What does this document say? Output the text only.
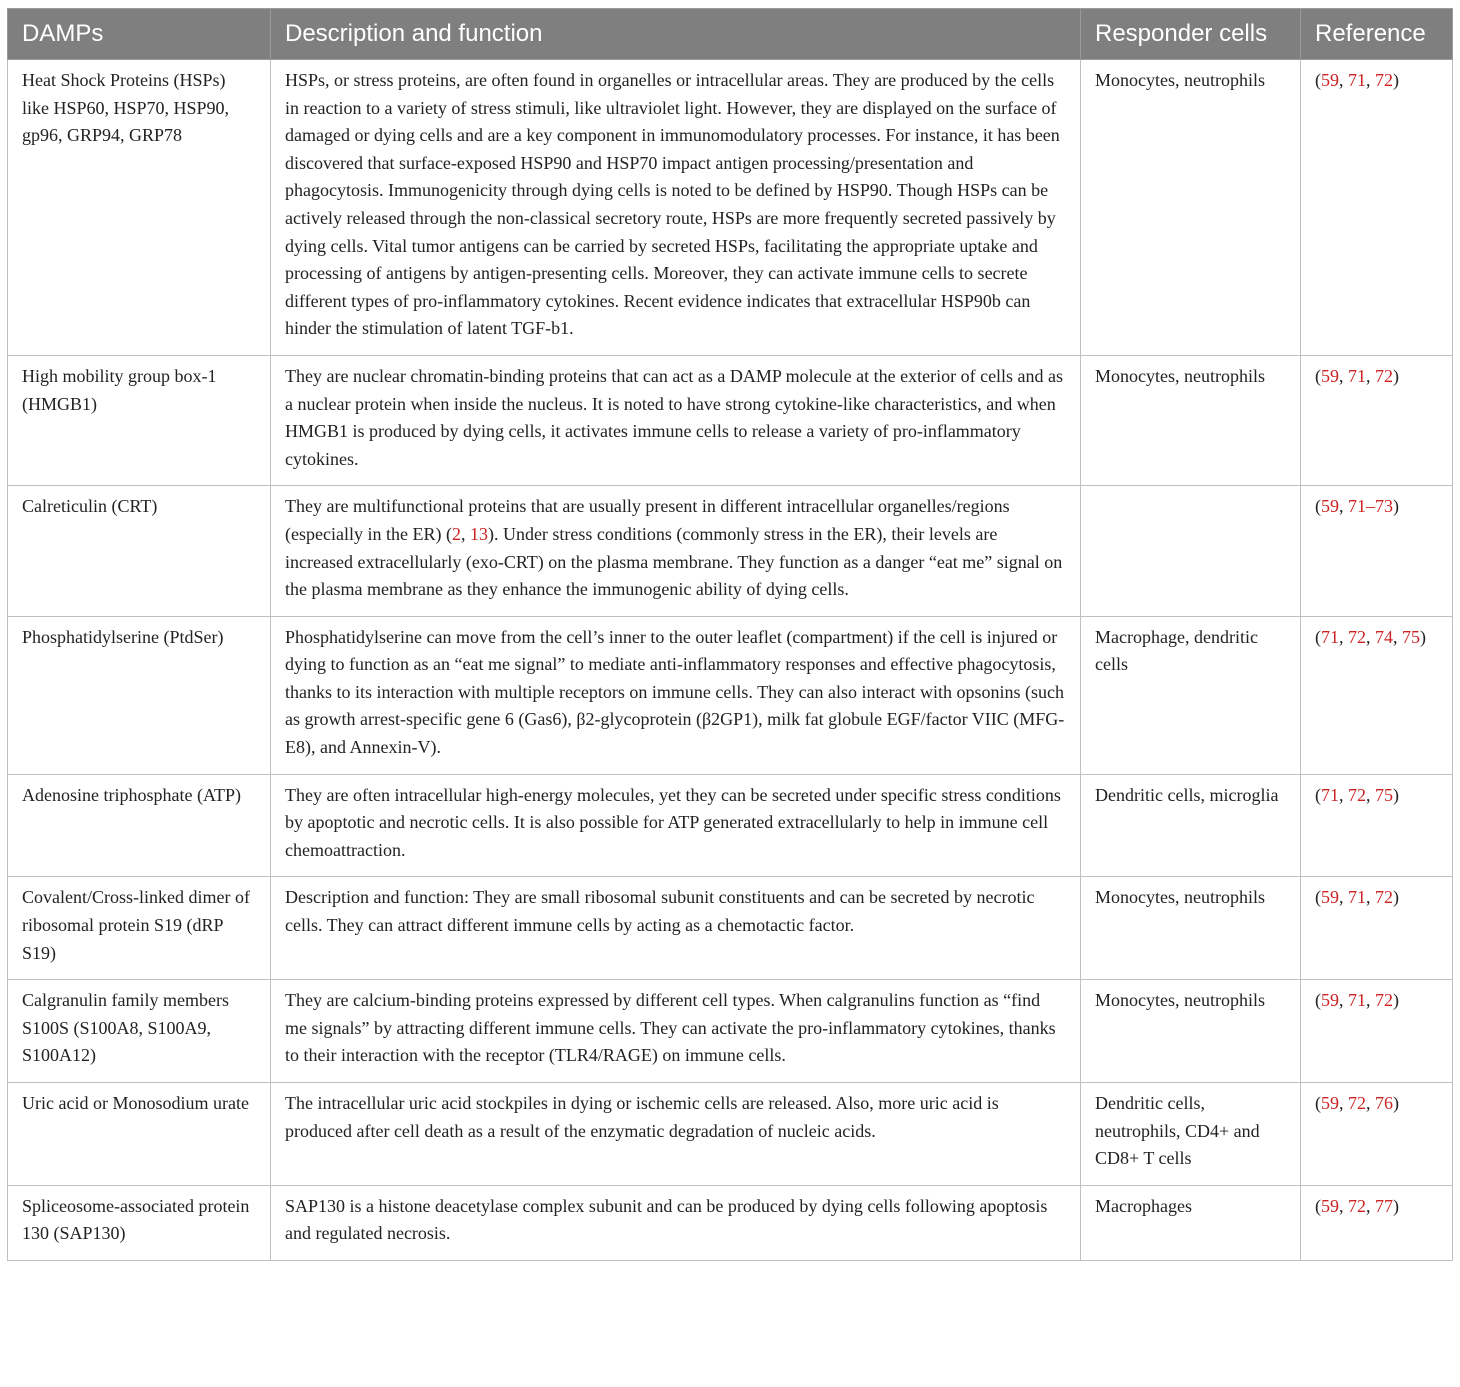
DAMPs	Description and function	Responder cells	Reference
Heat Shock Proteins (HSPs) like HSP60, HSP70, HSP90, gp96, GRP94, GRP78	HSPs, or stress proteins, are often found in organelles or intracellular areas. They are produced by the cells in reaction to a variety of stress stimuli, like ultraviolet light. However, they are displayed on the surface of damaged or dying cells and are a key component in immunomodulatory processes. For instance, it has been discovered that surface-exposed HSP90 and HSP70 impact antigen processing/presentation and phagocytosis. Immunogenicity through dying cells is noted to be defined by HSP90. Though HSPs can be actively released through the non-classical secretory route, HSPs are more frequently secreted passively by dying cells. Vital tumor antigens can be carried by secreted HSPs, facilitating the appropriate uptake and processing of antigens by antigen-presenting cells. Moreover, they can activate immune cells to secrete different types of pro-inflammatory cytokines. Recent evidence indicates that extracellular HSP90b can hinder the stimulation of latent TGF-b1.	Monocytes, neutrophils	(59, 71, 72)
High mobility group box-1 (HMGB1)	They are nuclear chromatin-binding proteins that can act as a DAMP molecule at the exterior of cells and as a nuclear protein when inside the nucleus. It is noted to have strong cytokine-like characteristics, and when HMGB1 is produced by dying cells, it activates immune cells to release a variety of pro-inflammatory cytokines.	Monocytes, neutrophils	(59, 71, 72)
Calreticulin (CRT)	They are multifunctional proteins that are usually present in different intracellular organelles/regions (especially in the ER) (2, 13). Under stress conditions (commonly stress in the ER), their levels are increased extracellularly (exo-CRT) on the plasma membrane. They function as a danger “eat me” signal on the plasma membrane as they enhance the immunogenic ability of dying cells.		(59, 71–73)
Phosphatidylserine (PtdSer)	Phosphatidylserine can move from the cell’s inner to the outer leaflet (compartment) if the cell is injured or dying to function as an “eat me signal” to mediate anti-inflammatory responses and effective phagocytosis, thanks to its interaction with multiple receptors on immune cells. They can also interact with opsonins (such as growth arrest-specific gene 6 (Gas6), β2-glycoprotein (β2GP1), milk fat globule EGF/factor VIIC (MFG-E8), and Annexin-V).	Macrophage, dendritic cells	(71, 72, 74, 75)
Adenosine triphosphate (ATP)	They are often intracellular high-energy molecules, yet they can be secreted under specific stress conditions by apoptotic and necrotic cells. It is also possible for ATP generated extracellularly to help in immune cell chemoattraction.	Dendritic cells, microglia	(71, 72, 75)
Covalent/Cross-linked dimer of ribosomal protein S19 (dRP S19)	Description and function: They are small ribosomal subunit constituents and can be secreted by necrotic cells. They can attract different immune cells by acting as a chemotactic factor.	Monocytes, neutrophils	(59, 71, 72)
Calgranulin family members S100S (S100A8, S100A9, S100A12)	They are calcium-binding proteins expressed by different cell types. When calgranulins function as “find me signals” by attracting different immune cells. They can activate the pro-inflammatory cytokines, thanks to their interaction with the receptor (TLR4/RAGE) on immune cells.	Monocytes, neutrophils	(59, 71, 72)
Uric acid or Monosodium urate	The intracellular uric acid stockpiles in dying or ischemic cells are released. Also, more uric acid is produced after cell death as a result of the enzymatic degradation of nucleic acids.	Dendritic cells, neutrophils, CD4+ and CD8+ T cells	(59, 72, 76)
Spliceosome-associated protein 130 (SAP130)	SAP130 is a histone deacetylase complex subunit and can be produced by dying cells following apoptosis and regulated necrosis.	Macrophages	(59, 72, 77)
